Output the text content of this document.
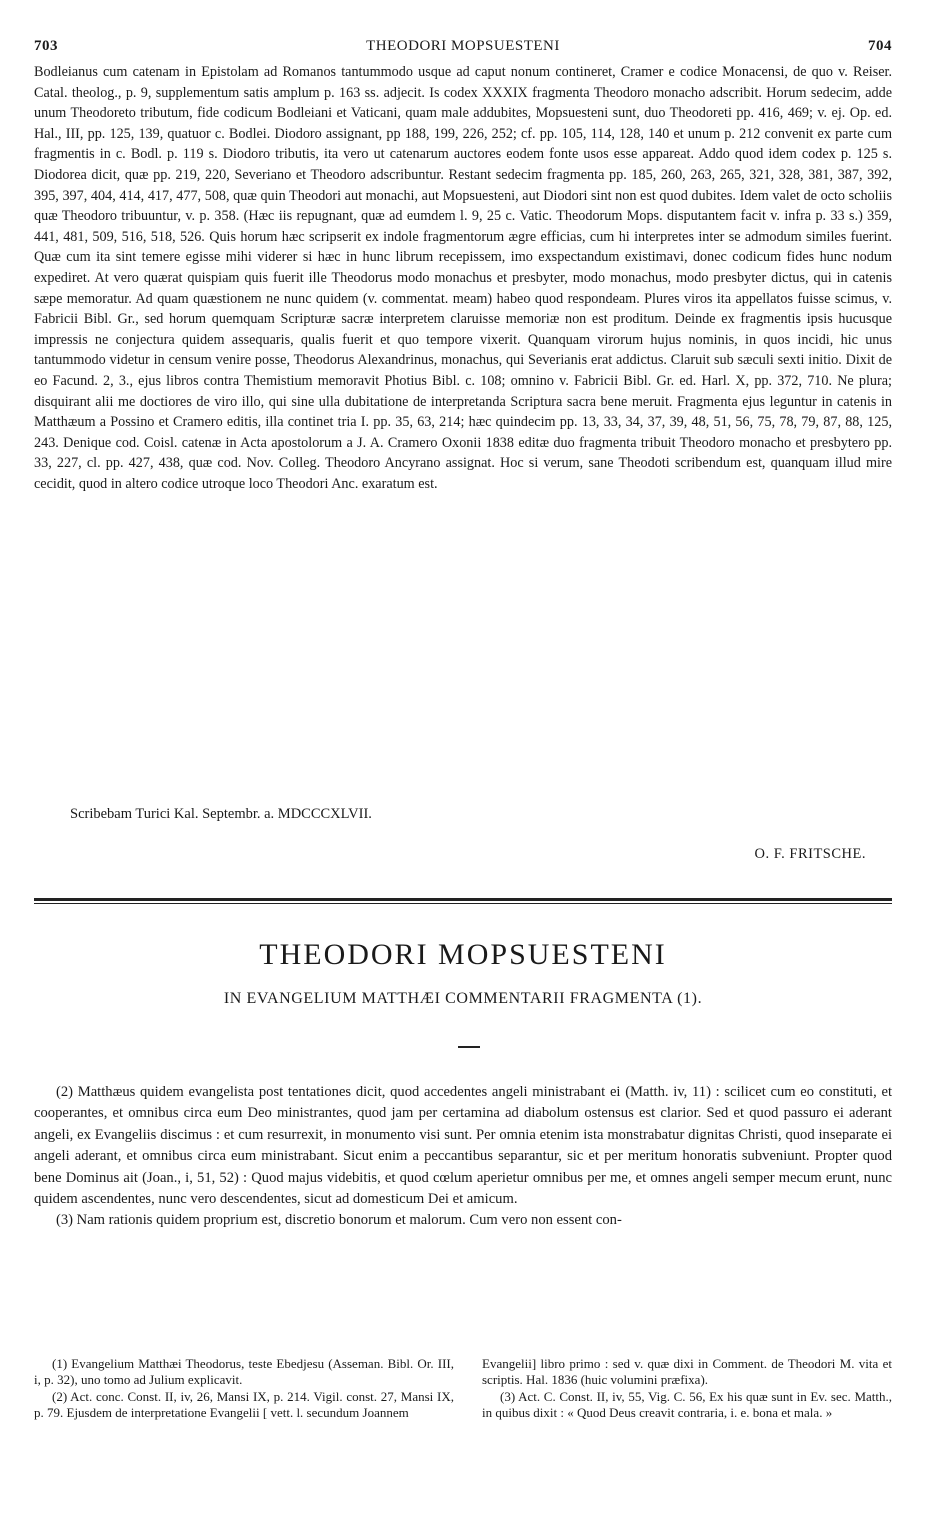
703	THEODORI MOPSUESTENI	704

Bodleianus cum catenam in Epistolam ad Romanos tantummodo usque ad caput nonum contineret, Cramer e codice Monacensi, de quo v. Reiser. Catal. theolog., p. 9, supplementum satis amplum p. 163 ss. adjecit. Is codex XXXIX fragmenta Theodoro monacho adscribit. Horum sedecim, adde unum Theodoreto tributum, fide codicum Bodleiani et Vaticani, quam male addubites, Mopsuesteni sunt, duo Theodoreti pp. 416, 469; v. ej. Op. ed. Hal., III, pp. 125, 139, quatuor c. Bodlei. Diodoro assignant, pp 188, 199, 226, 252; cf. pp. 105, 114, 128, 140 et unum p. 212 convenit ex parte cum fragmentis in c. Bodl. p. 119 s. Diodoro tributis, ita vero ut catenarum auctores eodem fonte usos esse appareat. Addo quod idem codex p. 125 s. Diodorea dicit, quæ pp. 219, 220, Severiano et Theodoro adscribuntur. Restant sedecim fragmenta pp. 185, 260, 263, 265, 321, 328, 381, 387, 392, 395, 397, 404, 414, 417, 477, 508, quæ quin Theodori aut monachi, aut Mopsuesteni, aut Diodori sint non est quod dubites. Idem valet de octo scholiis quæ Theodoro tribuuntur, v. p. 358. (Hæc iis repugnant, quæ ad eumdem l. 9, 25 c. Vatic. Theodorum Mops. disputantem facit v. infra p. 33 s.) 359, 441, 481, 509, 516, 518, 526. Quis horum hæc scripserit ex indole fragmentorum ægre efficias, cum hi interpretes inter se admodum similes fuerint. Quæ cum ita sint temere egisse mihi viderer si hæc in hunc librum recepissem, imo exspectandum existimavi, donec codicum fides hunc nodum expediret. At vero quærat quispiam quis fuerit ille Theodorus modo monachus et presbyter, modo monachus, modo presbyter dictus, qui in catenis sæpe memoratur. Ad quam quæstionem ne nunc quidem (v. commentat. meam) habeo quod respondeam. Plures viros ita appellatos fuisse scimus, v. Fabricii Bibl. Gr., sed horum quemquam Scripturæ sacræ interpretem claruisse memoriæ non est proditum. Deinde ex fragmentis ipsis hucusque impressis ne conjectura quidem assequaris, qualis fuerit et quo tempore vixerit. Quanquam virorum hujus nominis, in quos incidi, hic unus tantummodo videtur in censum venire posse, Theodorus Alexandrinus, monachus, qui Severianis erat addictus. Claruit sub sæculi sexti initio. Dixit de eo Facund. 2, 3., ejus libros contra Themistium memoravit Photius Bibl. c. 108; omnino v. Fabricii Bibl. Gr. ed. Harl. X, pp. 372, 710. Ne plura; disquirant alii me doctiores de viro illo, qui sine ulla dubitatione de interpretanda Scriptura sacra bene meruit. Fragmenta ejus leguntur in catenis in Matthæum a Possino et Cramero editis, illa continet tria I. pp. 35, 63, 214; hæc quindecim pp. 13, 33, 34, 37, 39, 48, 51, 56, 75, 78, 79, 87, 88, 125, 243. Denique cod. Coisl. catenæ in Acta apostolorum a J. A. Cramero Oxonii 1838 editæ duo fragmenta tribuit Theodoro monacho et presbytero pp. 33, 227, cl. pp. 427, 438, quæ cod. Nov. Colleg. Theodoro Ancyrano assignat. Hoc si verum, sane Theodoti scribendum est, quanquam illud mire cecidit, quod in altero codice utroque loco Theodori Anc. exaratum est.

Scribebam Turici Kal. Septembr. a. MDCCCXLVII.

O. F. FRITSCHE.

THEODORI MOPSUESTENI

IN EVANGELIUM MATTHÆI COMMENTARII FRAGMENTA (1).

(2) Matthæus quidem evangelista post tentationes dicit, quod accedentes angeli ministrabant ei (Matth. iv, 11) : scilicet cum eo constituti, et cooperantes, et omnibus circa eum Deo ministrantes, quod jam per certamina ad diabolum ostensus est clarior. Sed et quod passuro ei aderant angeli, ex Evangeliis discimus : et cum resurrexit, in monumento visi sunt. Per omnia etenim ista monstrabatur dignitas Christi, quod inseparate ei angeli aderant, et omnibus circa eum ministrabant. Sicut enim a peccantibus separantur, sic et per meritum honoratis subveniunt. Propter quod bene Dominus ait (Joan., i, 51, 52) : Quod majus videbitis, et quod cœlum aperietur omnibus per me, et omnes angeli semper mecum erunt, nunc quidem ascendentes, nunc vero descendentes, sicut ad domesticum Dei et amicum.

(3) Nam rationis quidem proprium est, discretio bonorum et malorum. Cum vero non essent con-

(1) Evangelium Matthæi Theodorus, teste Ebedjesu (Asseman. Bibl. Or. III, i, p. 32), uno tomo ad Julium explicavit.

(2) Act. conc. Const. II, iv, 26, Mansi IX, p. 214. Vigil. const. 27, Mansi IX, p. 79. Ejusdem de interpretatione Evangelii [ vett. l. secundum Joannem

Evangelii] libro primo : sed v. quæ dixi in Comment. de Theodori M. vita et scriptis. Hal. 1836 (huic volumini præfixa).

(3) Act. C. Const. II, iv, 55, Vig. C. 56, Ex his quæ sunt in Ev. sec. Matth., in quibus dixit : « Quod Deus creavit contraria, i. e. bona et mala. »
